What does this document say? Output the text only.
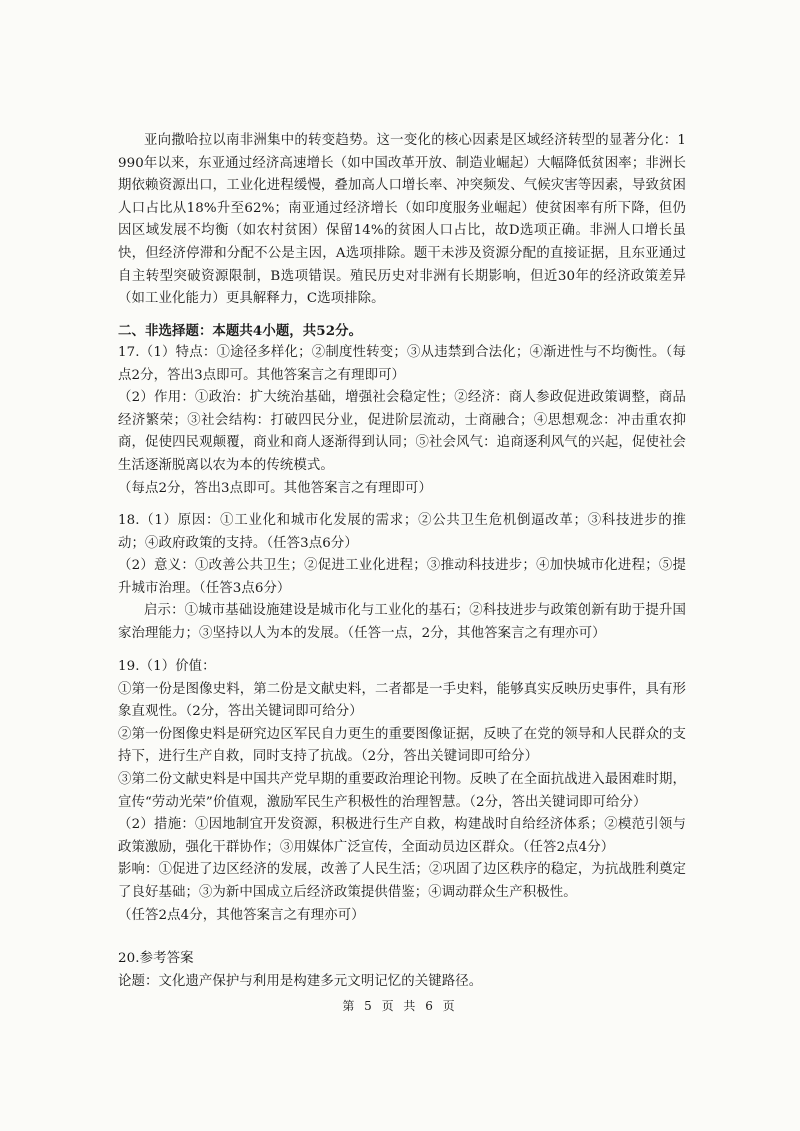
亚向撒哈拉以南非洲集中的转变趋势。这一变化的核心因素是区域经济转型的显著分化：1990年以来，东亚通过经济高速增长（如中国改革开放、制造业崛起）大幅降低贫困率；非洲长期依赖资源出口，工业化进程缓慢，叠加高人口增长率、冲突频发、气候灾害等因素，导致贫困人口占比从18%升至62%；南亚通过经济增长（如印度服务业崛起）使贫困率有所下降，但仍因区域发展不均衡（如农村贫困）保留14%的贫困人口占比，故D选项正确。非洲人口增长虽快，但经济停滞和分配不公是主因，A选项排除。题干未涉及资源分配的直接证据，且东亚通过自主转型突破资源限制，B选项错误。殖民历史对非洲有长期影响，但近30年的经济政策差异（如工业化能力）更具解释力，C选项排除。

二、非选择题：本题共4小题，共52分。

17.（1）特点：①途径多样化；②制度性转变；③从违禁到合法化；④渐进性与不均衡性。（每点2分，答出3点即可。其他答案言之有理即可）

（2）作用：①政治：扩大统治基础，增强社会稳定性；②经济：商人参政促进政策调整，商品经济繁荣；③社会结构：打破四民分业，促进阶层流动，士商融合；④思想观念：冲击重农抑商，促使四民观颠覆，商业和商人逐渐得到认同；⑤社会风气：追商逐利风气的兴起，促使社会生活逐渐脱离以农为本的传统模式。

（每点2分，答出3点即可。其他答案言之有理即可）

18.（1）原因：①工业化和城市化发展的需求；②公共卫生危机倒逼改革；③科技进步的推动；④政府政策的支持。（任答3点6分）

（2）意义：①改善公共卫生；②促进工业化进程；③推动科技进步；④加快城市化进程；⑤提升城市治理。（任答3点6分）

启示：①城市基础设施建设是城市化与工业化的基石；②科技进步与政策创新有助于提升国家治理能力；③坚持以人为本的发展。（任答一点，2分，其他答案言之有理亦可）

19.（1）价值：

①第一份是图像史料，第二份是文献史料，二者都是一手史料，能够真实反映历史事件，具有形象直观性。（2分，答出关键词即可给分）

②第一份图像史料是研究边区军民自力更生的重要图像证据，反映了在党的领导和人民群众的支持下，进行生产自救，同时支持了抗战。（2分，答出关键词即可给分）

③第二份文献史料是中国共产党早期的重要政治理论刊物。反映了在全面抗战进入最困难时期，宣传“劳动光荣”价值观，激励军民生产积极性的治理智慧。（2分，答出关键词即可给分）

（2）措施：①因地制宜开发资源，积极进行生产自救，构建战时自给经济体系；②模范引领与政策激励，强化干群协作；③用媒体广泛宣传，全面动员边区群众。（任答2点4分）

影响：①促进了边区经济的发展，改善了人民生活；②巩固了边区秩序的稳定，为抗战胜利奠定了良好基础；③为新中国成立后经济政策提供借鉴；④调动群众生产积极性。

（任答2点4分，其他答案言之有理亦可）

20.参考答案

论题：文化遗产保护与利用是构建多元文明记忆的关键路径。

第 5 页 共 6 页
